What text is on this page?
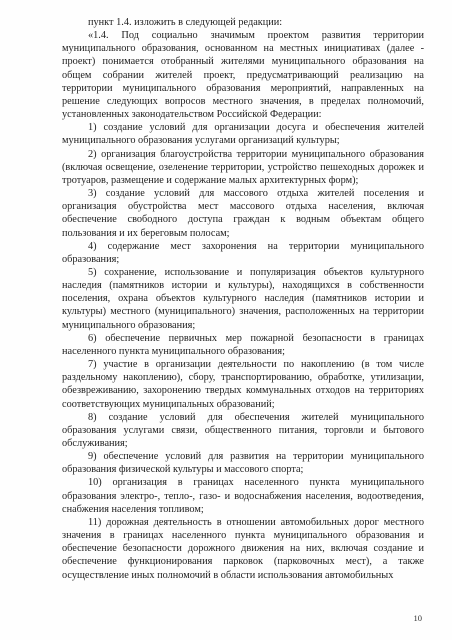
пункт 1.4. изложить в следующей редакции:

«1.4. Под социально значимым проектом развития территории муниципального образования, основанном на местных инициативах (далее - проект) понимается отобранный жителями муниципального образования на общем собрании жителей проект, предусматривающий реализацию на территории муниципального образования мероприятий, направленных на решение следующих вопросов местного значения, в пределах полномочий, установленных законодательством Российской Федерации:

1) создание условий для организации досуга и обеспечения жителей муниципального образования услугами организаций культуры;

2) организация благоустройства территории муниципального образования (включая освещение, озеленение территории, устройство пешеходных дорожек и тротуаров, размещение и содержание малых архитектурных форм);

3) создание условий для массового отдыха жителей поселения и организация обустройства мест массового отдыха населения, включая обеспечение свободного доступа граждан к водным объектам общего пользования и их береговым полосам;

4) содержание мест захоронения на территории муниципального образования;

5) сохранение, использование и популяризация объектов культурного наследия (памятников истории и культуры), находящихся в собственности поселения, охрана объектов культурного наследия (памятников истории и культуры) местного (муниципального) значения, расположенных на территории муниципального образования;

6) обеспечение первичных мер пожарной безопасности в границах населенного пункта муниципального образования;

7) участие в организации деятельности по накоплению (в том числе раздельному накоплению), сбору, транспортированию, обработке, утилизации, обезвреживанию, захоронению твердых коммунальных отходов на территориях соответствующих муниципальных образований;

8) создание условий для обеспечения жителей муниципального образования услугами связи, общественного питания, торговли и бытового обслуживания;

9) обеспечение условий для развития на территории муниципального образования физической культуры и массового спорта;

10) организация в границах населенного пункта муниципального образования электро-, тепло-, газо- и водоснабжения населения, водоотведения, снабжения населения топливом;

11) дорожная деятельность в отношении автомобильных дорог местного значения в границах населенного пункта муниципального образования и обеспечение безопасности дорожного движения на них, включая создание и обеспечение функционирования парковок (парковочных мест), а также осуществление иных полномочий в области использования автомобильных

10
